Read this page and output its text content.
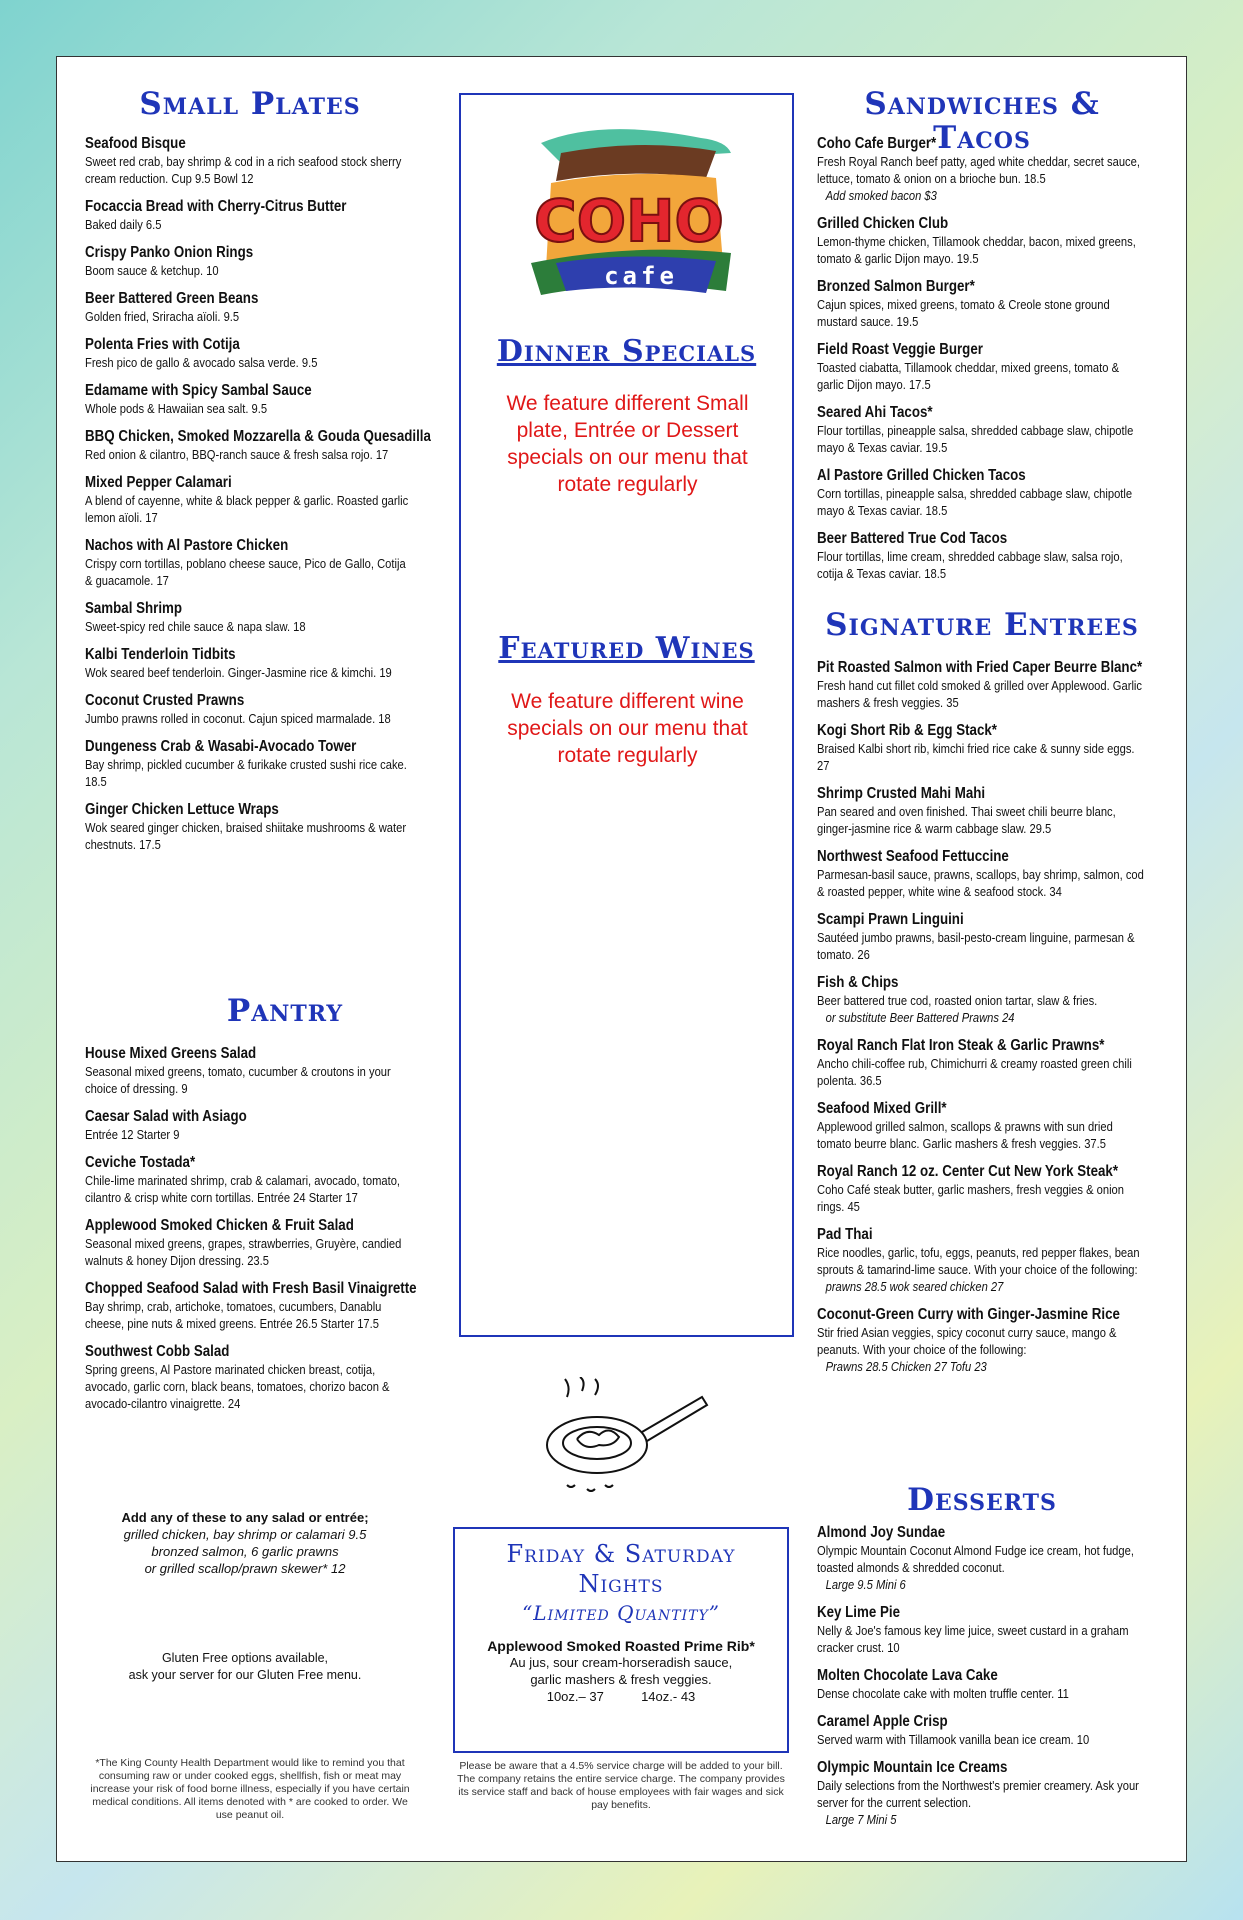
Small Plates
Seafood Bisque
Sweet red crab, bay shrimp & cod in a rich seafood stock sherry cream reduction. Cup 9.5 Bowl 12
Focaccia Bread with Cherry-Citrus Butter
Baked daily 6.5
Crispy Panko Onion Rings
Boom sauce & ketchup. 10
Beer Battered Green Beans
Golden fried, Sriracha aïoli. 9.5
Polenta Fries with Cotija
Fresh pico de gallo & avocado salsa verde. 9.5
Edamame with Spicy Sambal Sauce
Whole pods & Hawaiian sea salt. 9.5
BBQ Chicken, Smoked Mozzarella & Gouda Quesadilla
Red onion & cilantro, BBQ-ranch sauce & fresh salsa rojo. 17
Mixed Pepper Calamari
A blend of cayenne, white & black pepper & garlic. Roasted garlic lemon aïoli. 17
Nachos with Al Pastore Chicken
Crispy corn tortillas, poblano cheese sauce, Pico de Gallo, Cotija & guacamole. 17
Sambal Shrimp
Sweet-spicy red chile sauce & napa slaw. 18
Kalbi Tenderloin Tidbits
Wok seared beef tenderloin. Ginger-Jasmine rice & kimchi. 19
Coconut Crusted Prawns
Jumbo prawns rolled in coconut. Cajun spiced marmalade. 18
Dungeness Crab & Wasabi-Avocado Tower
Bay shrimp, pickled cucumber & furikake crusted sushi rice cake. 18.5
Ginger Chicken Lettuce Wraps
Wok seared ginger chicken, braised shiitake mushrooms & water chestnuts. 17.5
Pantry
House Mixed Greens Salad
Seasonal mixed greens, tomato, cucumber & croutons in your choice of dressing. 9
Caesar Salad with Asiago
Entrée 12 Starter 9
Ceviche Tostada*
Chile-lime marinated shrimp, crab & calamari, avocado, tomato, cilantro & crisp white corn tortillas. Entrée 24 Starter 17
Applewood Smoked Chicken & Fruit Salad
Seasonal mixed greens, grapes, strawberries, Gruyère, candied walnuts & honey Dijon dressing. 23.5
Chopped Seafood Salad with Fresh Basil Vinaigrette
Bay shrimp, crab, artichoke, tomatoes, cucumbers, Danablu cheese, pine nuts & mixed greens. Entrée 26.5 Starter 17.5
Southwest Cobb Salad
Spring greens, Al Pastore marinated chicken breast, cotija, avocado, garlic corn, black beans, tomatoes, chorizo bacon & avocado-cilantro vinaigrette. 24
Add any of these to any salad or entrée;
grilled chicken, bay shrimp or calamari 9.5
bronzed salmon, 6 garlic prawns
or grilled scallop/prawn skewer* 12
Gluten Free options available,
ask your server for our Gluten Free menu.
*The King County Health Department would like to remind you that consuming raw or under cooked eggs, shellfish, fish or meat may increase your risk of food borne illness, especially if you have certain medical conditions. All items denoted with * are cooked to order. We use peanut oil.
COHO
cafe
Dinner Specials
We feature different Small plate, Entrée or Dessert specials on our menu that rotate regularly
Featured Wines
We feature different wine specials on our menu that rotate regularly
Friday & Saturday
Nights
“Limited Quantity”
Applewood Smoked Roasted Prime Rib*
Au jus, sour cream-horseradish sauce,
garlic mashers & fresh veggies.
10oz.– 37	14oz.- 43
Please be aware that a 4.5% service charge will be added to your bill. The company retains the entire service charge. The company provides its service staff and back of house employees with fair wages and sick pay benefits.
Sandwiches & Tacos
Coho Cafe Burger*
Fresh Royal Ranch beef patty, aged white cheddar, secret sauce, lettuce, tomato & onion on a brioche bun. 18.5
Add smoked bacon $3
Grilled Chicken Club
Lemon-thyme chicken, Tillamook cheddar, bacon, mixed greens, tomato & garlic Dijon mayo. 19.5
Bronzed Salmon Burger*
Cajun spices, mixed greens, tomato & Creole stone ground mustard sauce. 19.5
Field Roast Veggie Burger
Toasted ciabatta, Tillamook cheddar, mixed greens, tomato & garlic Dijon mayo. 17.5
Seared Ahi Tacos*
Flour tortillas, pineapple salsa, shredded cabbage slaw, chipotle mayo & Texas caviar. 19.5
Al Pastore Grilled Chicken Tacos
Corn tortillas, pineapple salsa, shredded cabbage slaw, chipotle mayo & Texas caviar. 18.5
Beer Battered True Cod Tacos
Flour tortillas, lime cream, shredded cabbage slaw, salsa rojo, cotija & Texas caviar. 18.5
Signature Entrees
Pit Roasted Salmon with Fried Caper Beurre Blanc*
Fresh hand cut fillet cold smoked & grilled over Applewood. Garlic mashers & fresh veggies. 35
Kogi Short Rib & Egg Stack*
Braised Kalbi short rib, kimchi fried rice cake & sunny side eggs. 27
Shrimp Crusted Mahi Mahi
Pan seared and oven finished. Thai sweet chili beurre blanc, ginger-jasmine rice & warm cabbage slaw. 29.5
Northwest Seafood Fettuccine
Parmesan-basil sauce, prawns, scallops, bay shrimp, salmon, cod & roasted pepper, white wine & seafood stock. 34
Scampi Prawn Linguini
Sautéed jumbo prawns, basil-pesto-cream linguine, parmesan & tomato. 26
Fish & Chips
Beer battered true cod, roasted onion tartar, slaw & fries.
or substitute Beer Battered Prawns 24
Royal Ranch Flat Iron Steak & Garlic Prawns*
Ancho chili-coffee rub, Chimichurri & creamy roasted green chili polenta. 36.5
Seafood Mixed Grill*
Applewood grilled salmon, scallops & prawns with sun dried tomato beurre blanc. Garlic mashers & fresh veggies. 37.5
Royal Ranch 12 oz. Center Cut New York Steak*
Coho Café steak butter, garlic mashers, fresh veggies & onion rings. 45
Pad Thai
Rice noodles, garlic, tofu, eggs, peanuts, red pepper flakes, bean sprouts & tamarind-lime sauce. With your choice of the following:
prawns 28.5 wok seared chicken 27
Coconut-Green Curry with Ginger-Jasmine Rice
Stir fried Asian veggies, spicy coconut curry sauce, mango & peanuts. With your choice of the following:
Prawns 28.5 Chicken 27 Tofu 23
Desserts
Almond Joy Sundae
Olympic Mountain Coconut Almond Fudge ice cream, hot fudge, toasted almonds & shredded coconut.
Large 9.5 Mini 6
Key Lime Pie
Nelly & Joe's famous key lime juice, sweet custard in a graham cracker crust. 10
Molten Chocolate Lava Cake
Dense chocolate cake with molten truffle center. 11
Caramel Apple Crisp
Served warm with Tillamook vanilla bean ice cream. 10
Olympic Mountain Ice Creams
Daily selections from the Northwest's premier creamery. Ask your server for the current selection.
Large 7 Mini 5
